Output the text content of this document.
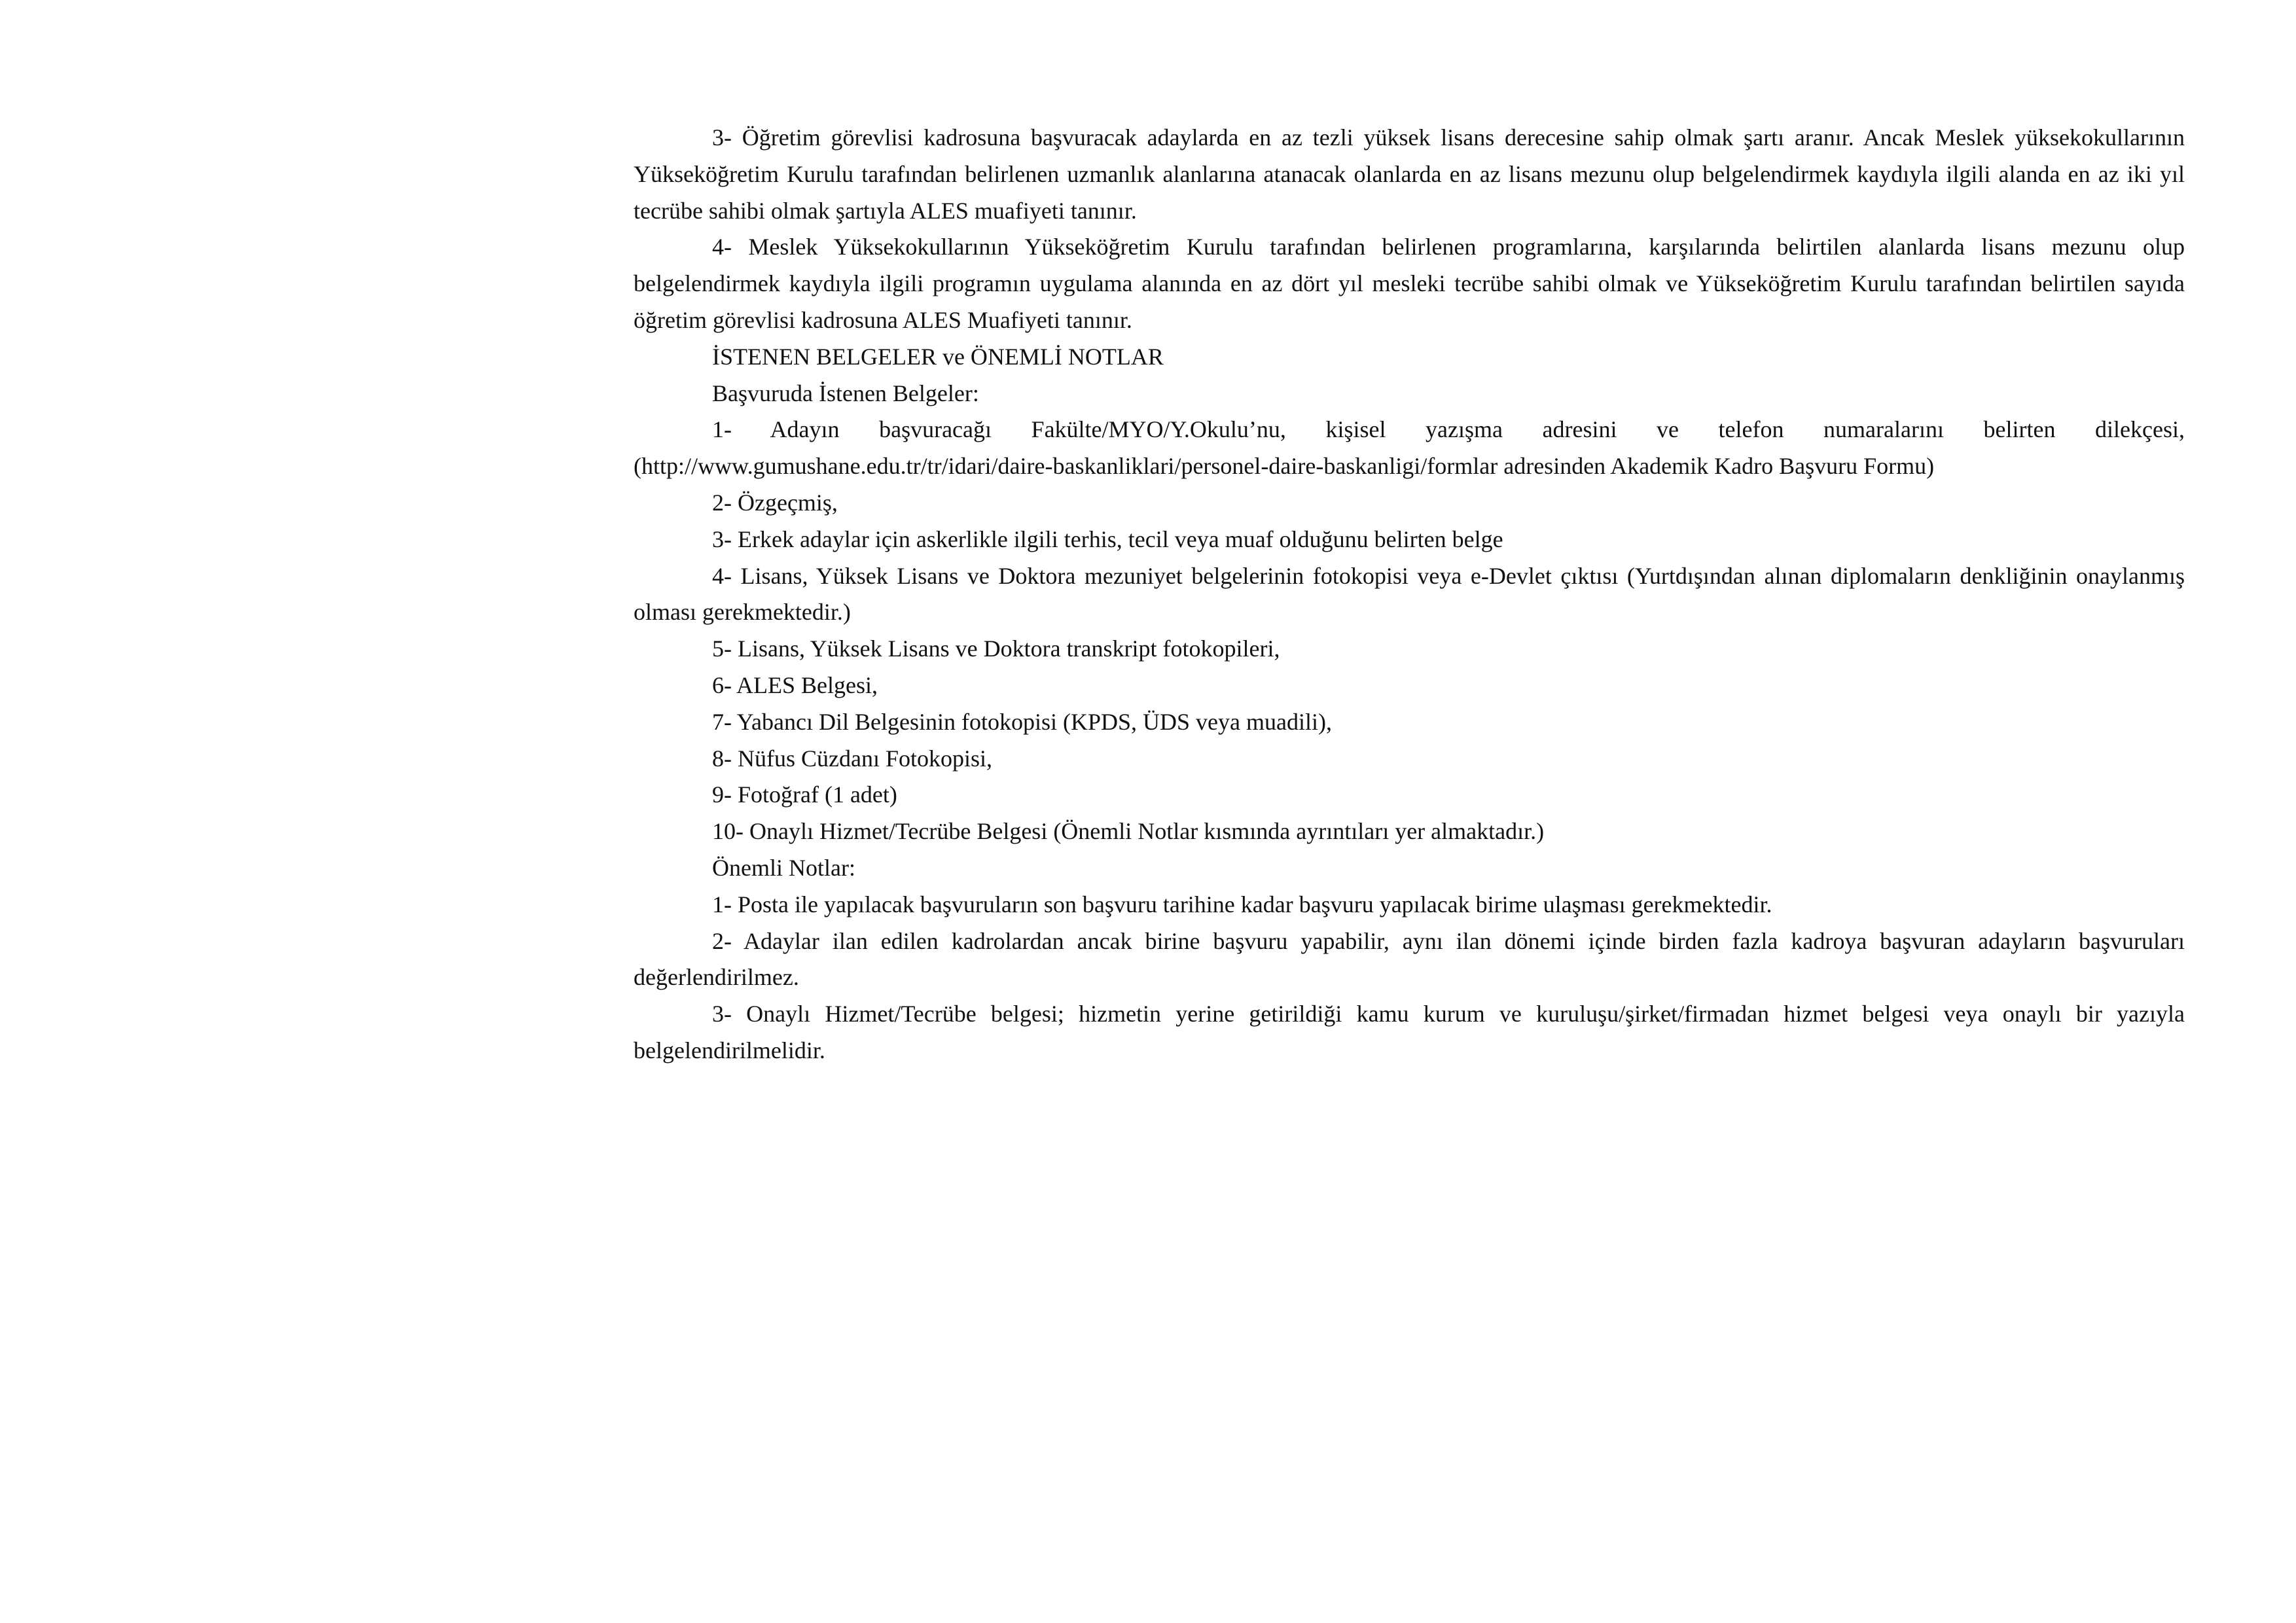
3- Öğretim görevlisi kadrosuna başvuracak adaylarda en az tezli yüksek lisans derecesine sahip olmak şartı aranır. Ancak Meslek yüksekokullarının Yükseköğretim Kurulu tarafından belirlenen uzmanlık alanlarına atanacak olanlarda en az lisans mezunu olup belgelendirmek kaydıyla ilgili alanda en az iki yıl tecrübe sahibi olmak şartıyla ALES muafiyeti tanınır.

4- Meslek Yüksekokullarının Yükseköğretim Kurulu tarafından belirlenen programlarına, karşılarında belirtilen alanlarda lisans mezunu olup belgelendirmek kaydıyla ilgili programın uygulama alanında en az dört yıl mesleki tecrübe sahibi olmak ve Yükseköğretim Kurulu tarafından belirtilen sayıda öğretim görevlisi kadrosuna ALES Muafiyeti tanınır.

İSTENEN BELGELER ve ÖNEMLİ NOTLAR

Başvuruda İstenen Belgeler:

1- Adayın başvuracağı Fakülte/MYO/Y.Okulu’nu, kişisel yazışma adresini ve telefon numaralarını belirten dilekçesi, (http://www.gumushane.edu.tr/tr/idari/daire-baskanliklari/personel-daire-baskanligi/formlar adresinden Akademik Kadro Başvuru Formu)

2- Özgeçmiş,

3- Erkek adaylar için askerlikle ilgili terhis, tecil veya muaf olduğunu belirten belge

4- Lisans, Yüksek Lisans ve Doktora mezuniyet belgelerinin fotokopisi veya e-Devlet çıktısı (Yurtdışından alınan diplomaların denkliğinin onaylanmış olması gerekmektedir.)

5- Lisans, Yüksek Lisans ve Doktora transkript fotokopileri,

6- ALES Belgesi,

7- Yabancı Dil Belgesinin fotokopisi (KPDS, ÜDS veya muadili),

8- Nüfus Cüzdanı Fotokopisi,

9- Fotoğraf (1 adet)

10- Onaylı Hizmet/Tecrübe Belgesi (Önemli Notlar kısmında ayrıntıları yer almaktadır.)

Önemli Notlar:

1- Posta ile yapılacak başvuruların son başvuru tarihine kadar başvuru yapılacak birime ulaşması gerekmektedir.

2- Adaylar ilan edilen kadrolardan ancak birine başvuru yapabilir, aynı ilan dönemi içinde birden fazla kadroya başvuran adayların başvuruları değerlendirilmez.

3- Onaylı Hizmet/Tecrübe belgesi; hizmetin yerine getirildiği kamu kurum ve kuruluşu/şirket/firmadan hizmet belgesi veya onaylı bir yazıyla belgelendirilmelidir.
